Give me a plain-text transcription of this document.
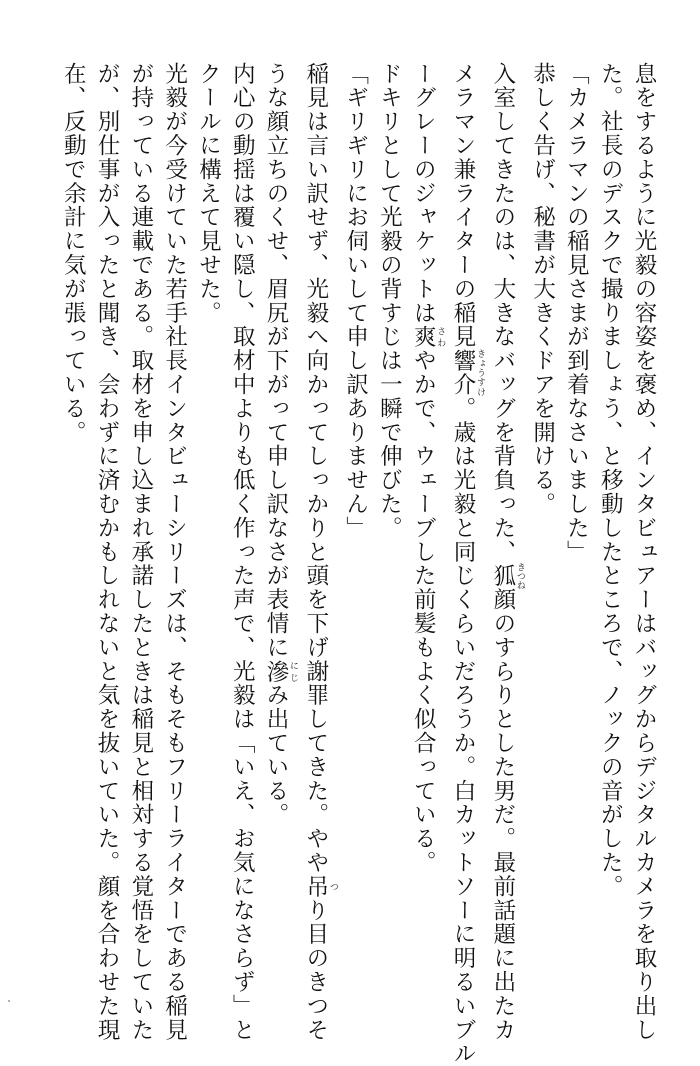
息をするように光毅の容姿を褒め、インタビュアーはバッグからデジタルカメラを取り出し
た。社長のデスクで撮りましょう、と移動したところで、ノックの音がした。
「カメラマンの稲見さまが到着なさいました」
恭しく告げ、秘書が大きくドアを開ける。
入室してきたのは、大きなバッグを背負った、狐 きつね顔のすらりとした男だ。最前話題に出たカ
メラマン兼ライターの稲見響介 きょうすけ。歳は光毅と同じくらいだろうか。白カットソーに明るいブル
ーグレーのジャケットは爽 さわやかで、ウェーブした前髪もよく似合っている。
ドキリとして光毅の背すじは一瞬で伸びた。
「ギリギリにお伺いして申し訳ありません」
稲見は言い訳せず、光毅へ向かってしっかりと頭を下げ謝罪してきた。やや吊 つり目のきつそ
うな顔立ちのくせ、眉尻が下がって申し訳なさが表情に滲 にじみ出ている。
内心の動揺は覆い隠し、取材中よりも低く作った声で、光毅は「いえ、お気になさらず」と
クールに構えて見せた。
光毅が今受けていた若手社長インタビューシリーズは、そもそもフリーライターである稲見
が持っている連載である。取材を申し込まれ承諾したときは稲見と相対する覚悟をしていた
が、別仕事が入ったと聞き、会わずに済むかもしれないと気を抜いていた。顔を合わせた現
在、反動で余計に気が張っている。
